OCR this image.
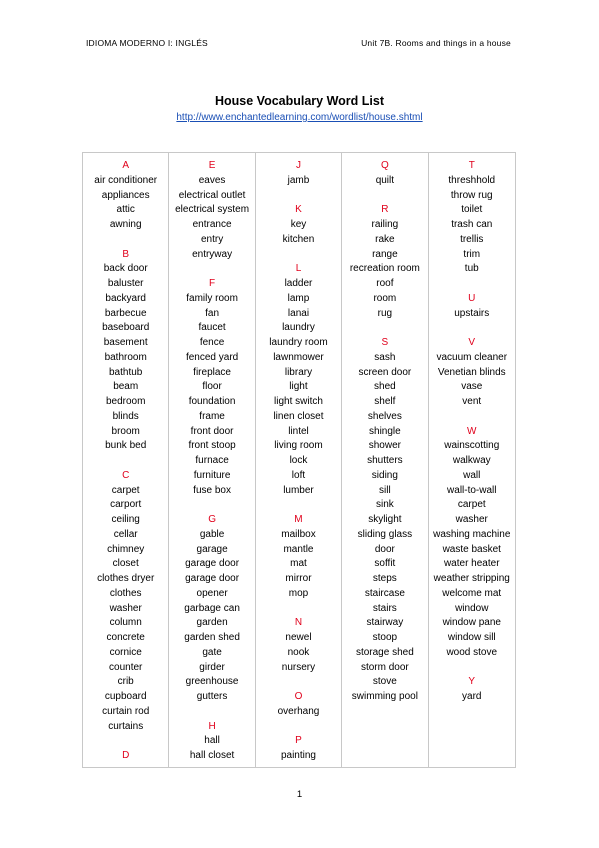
IDIOMA MODERNO I: INGLÉS	Unit 7B. Rooms and things in a house
House Vocabulary Word List
http://www.enchantedlearning.com/wordlist/house.shtml
A
air conditioner
appliances
attic
awning
B
back door
baluster
backyard
barbecue
baseboard
basement
bathroom
bathtub
beam
bedroom
blinds
broom
bunk bed
C
carpet
carport
ceiling
cellar
chimney
closet
clothes dryer
clothes
washer
column
concrete
cornice
counter
crib
cupboard
curtain rod
curtains
D
E
eaves
electrical outlet
electrical system
entrance
entry
entryway
F
family room
fan
faucet
fence
fenced yard
fireplace
floor
foundation
frame
front door
front stoop
furnace
furniture
fuse box
G
gable
garage
garage door
garage door
opener
garbage can
garden
garden shed
gate
girder
greenhouse
gutters
H
hall
hall closet
J
jamb
K
key
kitchen
L
ladder
lamp
lanai
laundry
laundry room
lawnmower
library
light
light switch
linen closet
lintel
living room
lock
loft
lumber
M
mailbox
mantle
mat
mirror
mop
N
newel
nook
nursery
O
overhang
P
painting
Q
quilt
R
railing
rake
range
recreation room
roof
room
rug
S
sash
screen door
shed
shelf
shelves
shingle
shower
shutters
siding
sill
sink
skylight
sliding glass
door
soffit
steps
staircase
stairs
stairway
stoop
storage shed
storm door
stove
swimming pool
T
threshhold
throw rug
toilet
trash can
trellis
trim
tub
U
upstairs
V
vacuum cleaner
Venetian blinds
vase
vent
W
wainscotting
walkway
wall
wall-to-wall
carpet
washer
washing machine
waste basket
water heater
weather stripping
welcome mat
window
window pane
window sill
wood stove
Y
yard
1
